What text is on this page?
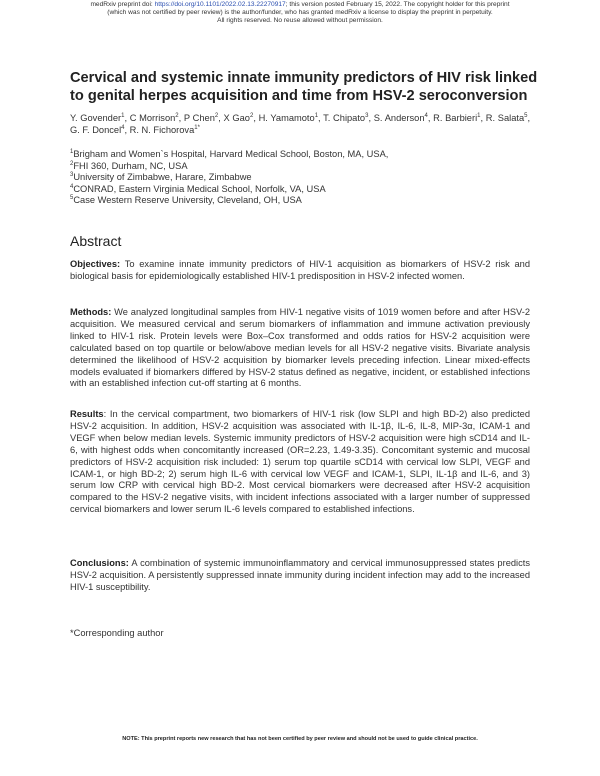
medRxiv preprint doi: https://doi.org/10.1101/2022.02.13.22270917; this version posted February 15, 2022. The copyright holder for this preprint
(which was not certified by peer review) is the author/funder, who has granted medRxiv a license to display the preprint in perpetuity.
All rights reserved. No reuse allowed without permission.
Cervical and systemic innate immunity predictors of HIV risk linked to genital herpes acquisition and time from HSV-2 seroconversion
Y. Govender$^1$, C Morrison$^2$, P Chen$^2$, X Gao$^2$, H. Yamamoto$^1$, T. Chipato$^3$, S. Anderson$^4$, R. Barbieri$^1$, R. Salata$^5$, G. F. Doncel$^4$, R. N. Fichorova$^{1*}$
$^1$Brigham and Women`s Hospital, Harvard Medical School, Boston, MA, USA,
$^2$FHI 360, Durham, NC, USA
$^3$University of Zimbabwe, Harare, Zimbabwe
$^4$CONRAD, Eastern Virginia Medical School, Norfolk, VA, USA
$^5$Case Western Reserve University, Cleveland, OH, USA
Abstract

Objectives: To examine innate immunity predictors of HIV-1 acquisition as biomarkers of HSV-2 risk and biological basis for epidemiologically established HIV-1 predisposition in HSV-2 infected women.

Methods: We analyzed longitudinal samples from HIV-1 negative visits of 1019 women before and after HSV-2 acquisition. We measured cervical and serum biomarkers of inflammation and immune activation previously linked to HIV-1 risk. Protein levels were Box–Cox transformed and odds ratios for HSV-2 acquisition were calculated based on top quartile or below/above median levels for all HSV-2 negative visits. Bivariate analysis determined the likelihood of HSV-2 acquisition by biomarker levels preceding infection. Linear mixed-effects models evaluated if biomarkers differed by HSV-2 status defined as negative, incident, or established infections with an established infection cut-off starting at 6 months.

Results: In the cervical compartment, two biomarkers of HIV-1 risk (low SLPI and high BD-2) also predicted HSV-2 acquisition. In addition, HSV-2 acquisition was associated with IL-1β, IL-6, IL-8, MIP-3α, ICAM-1 and VEGF when below median levels. Systemic immunity predictors of HSV-2 acquisition were high sCD14 and IL-6, with highest odds when concomitantly increased (OR=2.23, 1.49-3.35). Concomitant systemic and mucosal predictors of HSV-2 acquisition risk included: 1) serum top quartile sCD14 with cervical low SLPI, VEGF and ICAM-1, or high BD-2; 2) serum high IL-6 with cervical low VEGF and ICAM-1, SLPI, IL-1β and IL-6, and 3) serum low CRP with cervical high BD-2. Most cervical biomarkers were decreased after HSV-2 acquisition compared to the HSV-2 negative visits, with incident infections associated with a larger number of suppressed cervical biomarkers and lower serum IL-6 levels compared to established infections.

Conclusions: A combination of systemic immunoinflammatory and cervical immunosuppressed states predicts HSV-2 acquisition. A persistently suppressed innate immunity during incident infection may add to the increased HIV-1 susceptibility.

*Corresponding author
NOTE: This preprint reports new research that has not been certified by peer review and should not be used to guide clinical practice.
